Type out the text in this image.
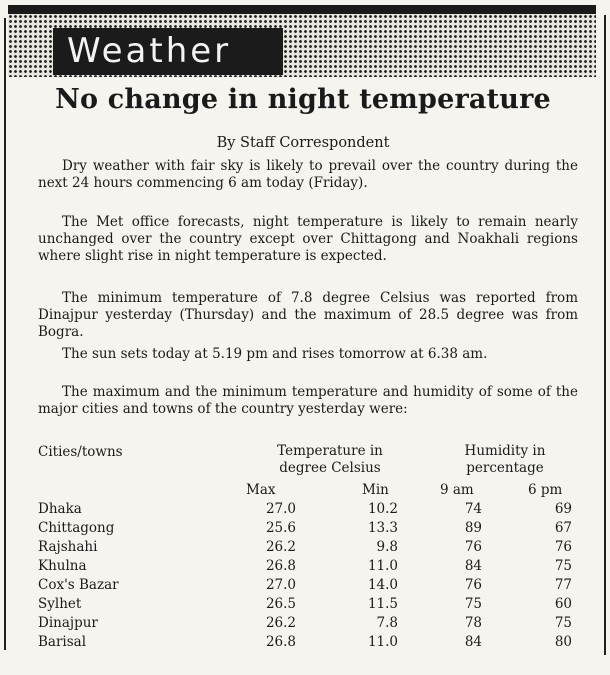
Weather
No change in night temperature
By Staff Correspondent
Dry weather with fair sky is likely to prevail over the country during the next 24 hours commencing 6 am today (Friday).
The Met office forecasts, night temperature is likely to remain nearly unchanged over the country except over Chittagong and Noakhali regions where slight rise in night temperature is expected.
The minimum temperature of 7.8 degree Celsius was reported from Dinajpur yesterday (Thursday) and the maximum of 28.5 degree was from Bogra.
The sun sets today at 5.19 pm and rises tomorrow at 6.38 am.
The maximum and the minimum temperature and humidity of some of the major cities and towns of the country yesterday were:
Cities/towns	Temperature in degree Celsius
Humidity in percentage
Max	Min	9 am	6 pm
Dhaka	27.0	10.2	74	69
Chittagong	25.6	13.3	89	67
Rajshahi	26.2	9.8	76	76
Khulna	26.8	11.0	84	75
Cox's Bazar	27.0	14.0	76	77
Sylhet	26.5	11.5	75	60
Dinajpur	26.2	7.8	78	75
Barisal	26.8	11.0	84	80
